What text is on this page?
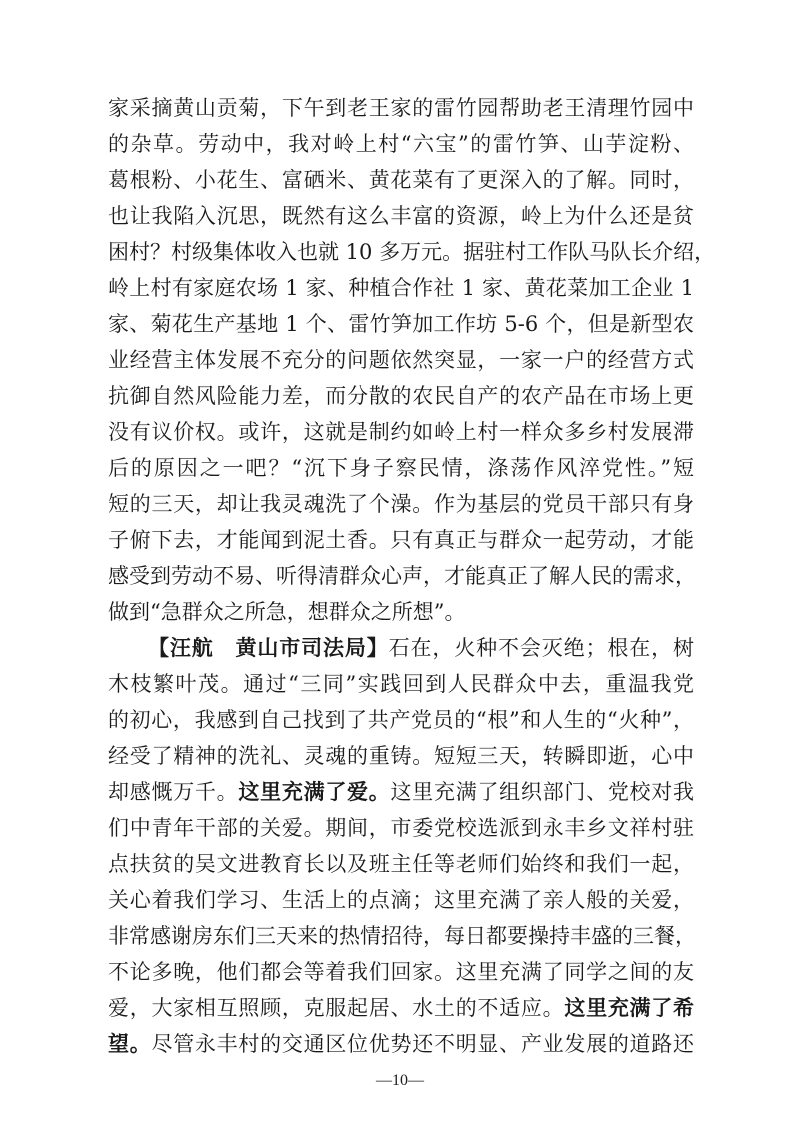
家采摘黄山贡菊，下午到老王家的雷竹园帮助老王清理竹园中
的杂草。劳动中，我对岭上村“六宝”的雷竹笋、山芋淀粉、
葛根粉、小花生、富硒米、黄花菜有了更深入的了解。同时，
也让我陷入沉思，既然有这么丰富的资源，岭上为什么还是贫
困村？村级集体收入也就 10 多万元。据驻村工作队马队长介绍，
岭上村有家庭农场 1 家、种植合作社 1 家、黄花菜加工企业 1
家、菊花生产基地 1 个、雷竹笋加工作坊 5-6 个，但是新型农
业经营主体发展不充分的问题依然突显，一家一户的经营方式
抗御自然风险能力差，而分散的农民自产的农产品在市场上更
没有议价权。或许，这就是制约如岭上村一样众多乡村发展滞
后的原因之一吧？“沉下身子察民情，涤荡作风淬党性。”短
短的三天，却让我灵魂洗了个澡。作为基层的党员干部只有身
子俯下去，才能闻到泥土香。只有真正与群众一起劳动，才能
感受到劳动不易、听得清群众心声，才能真正了解人民的需求，
做到“急群众之所急，想群众之所想”。
【汪航　黄山市司法局】石在，火种不会灭绝；根在，树
木枝繁叶茂。通过“三同”实践回到人民群众中去，重温我党
的初心，我感到自己找到了共产党员的“根”和人生的“火种”，
经受了精神的洗礼、灵魂的重铸。短短三天，转瞬即逝，心中
却感慨万千。这里充满了爱。这里充满了组织部门、党校对我
们中青年干部的关爱。期间，市委党校选派到永丰乡文祥村驻
点扶贫的吴文进教育长以及班主任等老师们始终和我们一起，
关心着我们学习、生活上的点滴；这里充满了亲人般的关爱，
非常感谢房东们三天来的热情招待，每日都要操持丰盛的三餐，
不论多晚，他们都会等着我们回家。这里充满了同学之间的友
爱，大家相互照顾，克服起居、水土的不适应。这里充满了希
望。尽管永丰村的交通区位优势还不明显、产业发展的道路还
—10—
